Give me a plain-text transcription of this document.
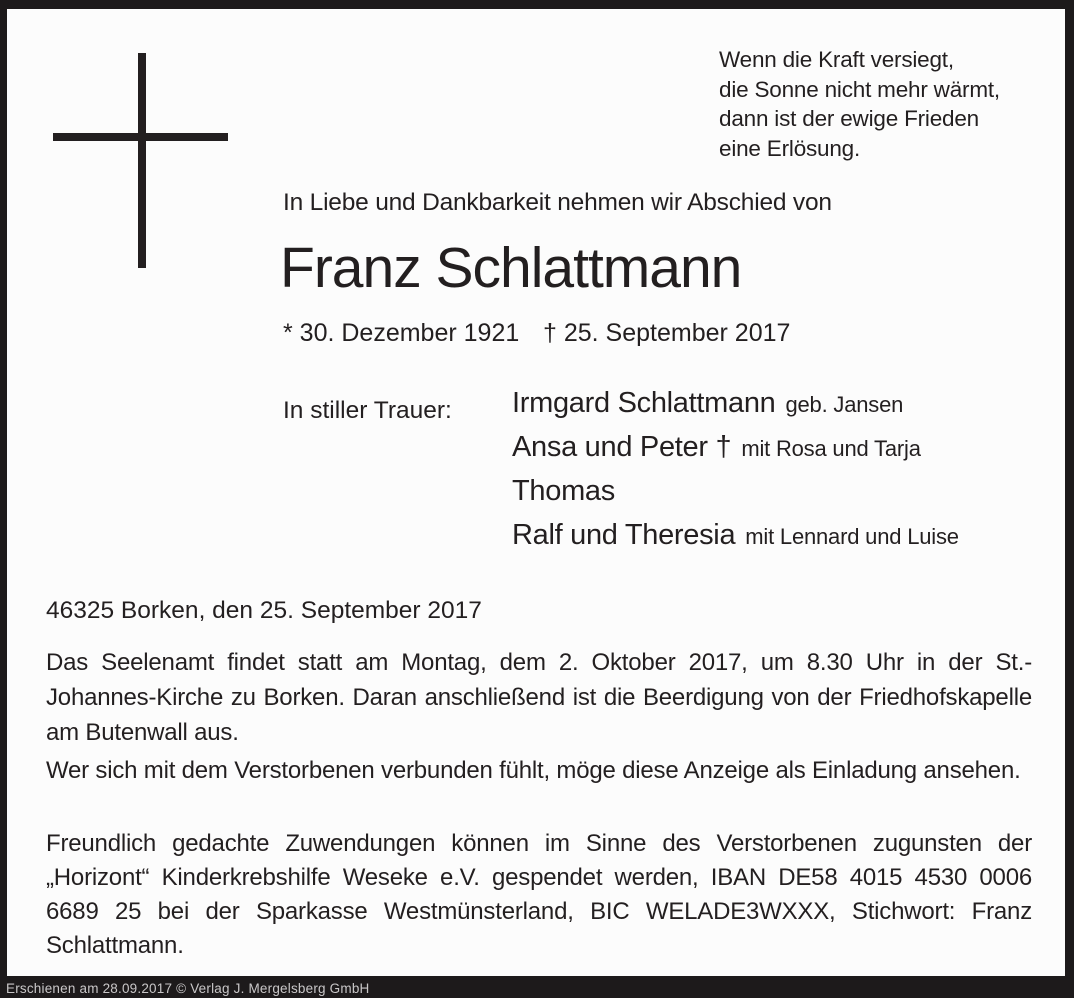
Wenn die Kraft versiegt,
die Sonne nicht mehr wärmt,
dann ist der ewige Frieden
eine Erlösung.
In Liebe und Dankbarkeit nehmen wir Abschied von
Franz Schlattmann
* 30. Dezember 1921 † 25. September 2017
In stiller Trauer: Irmgard Schlattmann geb. Jansen
Ansa und Peter † mit Rosa und Tarja
Thomas
Ralf und Theresia mit Lennard und Luise
46325 Borken, den 25. September 2017

Das Seelenamt findet statt am Montag, dem 2. Oktober 2017, um 8.30 Uhr in der St.-Johannes-Kirche zu Borken. Daran anschließend ist die Beerdigung von der Friedhofskapelle am Butenwall aus.

Wer sich mit dem Verstorbenen verbunden fühlt, möge diese Anzeige als Einladung ansehen.

Freundlich gedachte Zuwendungen können im Sinne des Verstorbenen zugunsten der „Horizont“ Kinderkrebshilfe Weseke e.V. gespendet werden, IBAN DE58 4015 4530 0006 6689 25 bei der Sparkasse Westmünsterland, BIC WELADE3WXXX, Stichwort: Franz Schlattmann.

Erschienen am 28.09.2017 © Verlag J. Mergelsberg GmbH
